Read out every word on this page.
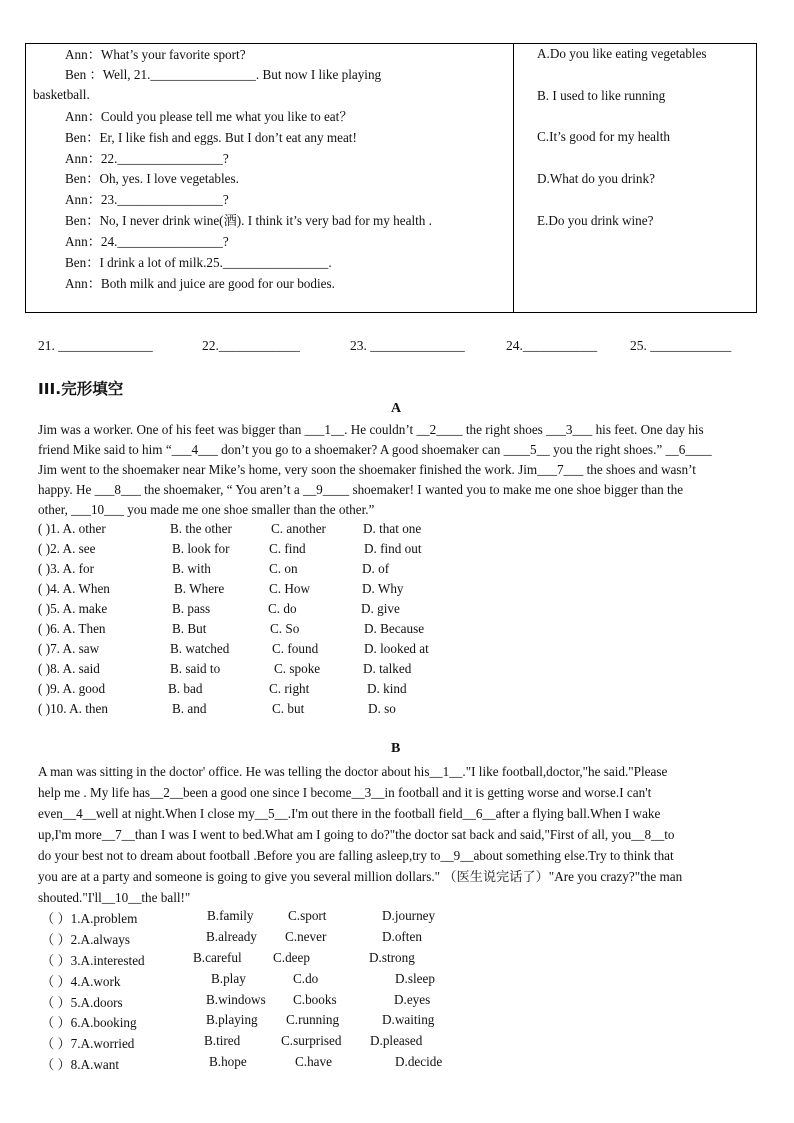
Ann：What’s your favorite sport?
Ben ：Well, 21.________________. But now I like playing
basketball.
Ann：Could you please tell me what you like to eat？
Ben：Er, I like fish and eggs. But I don’t eat any meat!
Ann：22.________________?
Ben：Oh, yes. I love vegetables.
Ann：23.________________?
Ben：No, I never drink wine(酒). I think it’s very bad for my health .
Ann：24.________________?
Ben：I drink a lot of milk.25.________________.
Ann：Both milk and juice are good for our bodies.
A.Do you like eating vegetables
B. I used to like running
C.It’s good for my health
D.What do you drink?
E.Do you drink wine?
21. ______________	22.____________	23. ______________	24.___________ 25. ____________
III.完形填空
A
Jim was a worker. One of his feet was bigger than ___1__. He couldn’t __2____ the right shoes ___3___ his feet. One day his
friend Mike said to him “___4___ don’t you go to a shoemaker? A good shoemaker can ____5__ you the right shoes.” __6____
Jim went to the shoemaker near Mike’s home, very soon the shoemaker finished the work. Jim___7___ the shoes and wasn’t
happy. He ___8___ the shoemaker, “ You aren’t a __9____ shoemaker! I wanted you to make me one shoe bigger than the
other, ___10___ you made me one shoe smaller than the other.”
( )1. A. other	B. the other	C. another	D. that one
( )2. A. see	B. look for	C. find	D. find out
( )3. A. for	B. with	C. on	D. of
( )4. A. When	B. Where	C. How	D. Why
( )5. A. make	B. pass	C. do	D. give
( )6. A. Then	B. But	C. So	D. Because
( )7. A. saw	B. watched	C. found	D. looked at
( )8. A. said	B. said to	C. spoke	D. talked
( )9. A. good	B. bad	C. right	D. kind
( )10. A. then	B. and	C. but	D. so
B
A man was sitting in the doctor' office. He was telling the doctor about his__1__."I like football,doctor,"he said."Please
help me . My life has__2__been a good one since I become__3__in football and it is getting worse and worse.I can't
even__4__well at night.When I close my__5__.I'm out there in the football field__6__after a flying ball.When I wake
up,I'm more__7__than I was I went to bed.What am I going to do?"the doctor sat back and said,"First of all, you__8__to
do your best not to dream about football .Before you are falling asleep,try to__9__about something else.Try to think that
you are at a party and someone is going to give you several million dollars." （医生说完话了）"Are you crazy?"the man
shouted."I'll__10__the ball!"
（ ）1.A.problem	B.family	C.sport	D.journey
（ ）2.A.always	B.already C.never	D.often
（ ）3.A.interested	B.careful C.deep	D.strong
（ ）4.A.work	B.play	C.do	D.sleep
（ ）5.A.doors	B.windows C.books	D.eyes
（ ）6.A.booking	B.playing C.running	D.waiting
（ ）7.A.worried	B.tired	C.surprised D.pleased
（ ）8.A.want	B.hope	C.have	D.decide
